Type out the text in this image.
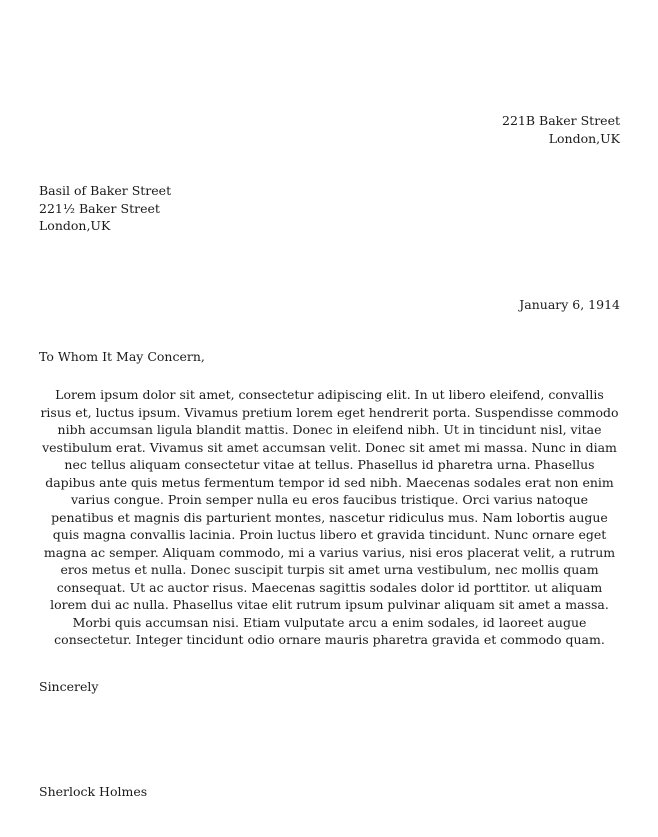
221B Baker Street
London,UK
Basil of Baker Street
221½ Baker Street
London,UK
January 6, 1914
To Whom It May Concern,
Lorem ipsum dolor sit amet, consectetur adipiscing elit. In ut libero eleifend, convallis risus et, luctus ipsum. Vivamus pretium lorem eget hendrerit porta. Suspendisse commodo nibh accumsan ligula blandit mattis. Donec in eleifend nibh. Ut in tincidunt nisl, vitae vestibulum erat. Vivamus sit amet accumsan velit. Donec sit amet mi massa. Nunc in diam nec tellus aliquam consectetur vitae at tellus. Phasellus id pharetra urna. Phasellus dapibus ante quis metus fermentum tempor id sed nibh. Maecenas sodales erat non enim varius congue. Proin semper nulla eu eros faucibus tristique. Orci varius natoque penatibus et magnis dis parturient montes, nascetur ridiculus mus. Nam lobortis augue quis magna convallis lacinia. Proin luctus libero et gravida tincidunt. Nunc ornare eget magna ac semper. Aliquam commodo, mi a varius varius, nisi eros placerat velit, a rutrum eros metus et nulla. Donec suscipit turpis sit amet urna vestibulum, nec mollis quam consequat. Ut ac auctor risus. Maecenas sagittis sodales dolor id porttitor. ut aliquam lorem dui ac nulla. Phasellus vitae elit rutrum ipsum pulvinar aliquam sit amet a massa. Morbi quis accumsan nisi. Etiam vulputate arcu a enim sodales, id laoreet augue consectetur. Integer tincidunt odio ornare mauris pharetra gravida et commodo quam.
Sincerely
Sherlock Holmes
